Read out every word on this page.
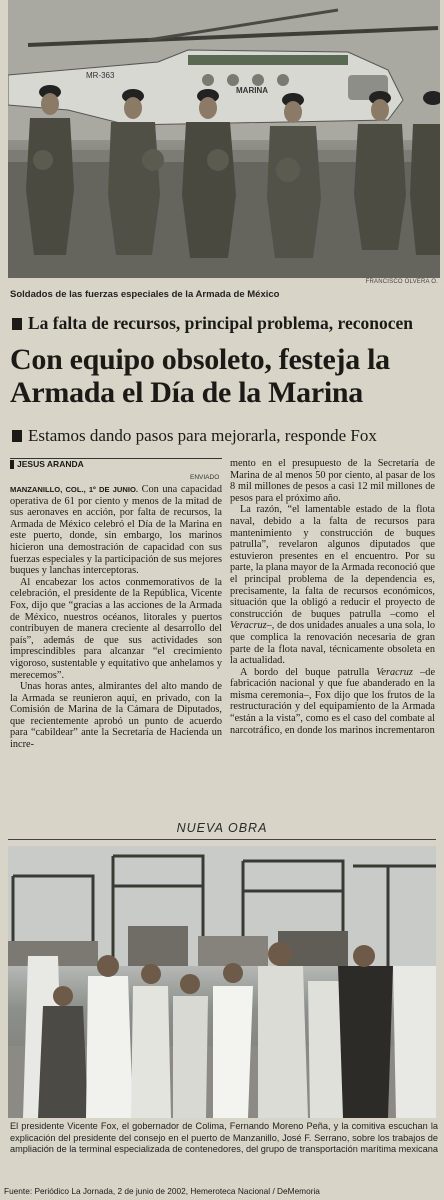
MR-363
MARINA
FRANCISCO OLVERA O.
Soldados de las fuerzas especiales de la Armada de México
La falta de recursos, principal problema, reconocen
Con equipo obsoleto, festeja la Armada el Día de la Marina
Estamos dando pasos para mejorarla, responde Fox
JESUS ARANDA
ENVIADO

MANZANILLO, COL., 1º DE JUNIO. Con una capacidad operativa de 61 por ciento y menos de la mitad de sus aeronaves en acción, por falta de recursos, la Armada de México celebró el Día de la Marina en este puerto, donde, sin embargo, los marinos hicieron una demostración de capacidad con sus fuerzas especiales y la participación de sus mejores buques y lanchas interceptoras.

Al encabezar los actos conmemorativos de la celebración, el presidente de la República, Vicente Fox, dijo que “gracias a las acciones de la Armada de México, nuestros océanos, litorales y puertos contribuyen de manera creciente al desarrollo del país”, además de que sus actividades son imprescindibles para alcanzar “el crecimiento vigoroso, sustentable y equitativo que anhelamos y merecemos”.

Unas horas antes, almirantes del alto mando de la Armada se reunieron aquí, en privado, con la Comisión de Marina de la Cámara de Diputados, que recientemente aprobó un punto de acuerdo para “cabildear” ante la Secretaría de Hacienda un incre-

mento en el presupuesto de la Secretaría de Marina de al menos 50 por ciento, al pasar de los 8 mil millones de pesos a casi 12 mil millones de pesos para el próximo año.

La razón, “el lamentable estado de la flota naval, debido a la falta de recursos para mantenimiento y construcción de buques patrulla”, revelaron algunos diputados que estuvieron presentes en el encuentro. Por su parte, la plana mayor de la Armada reconoció que el principal problema de la dependencia es, precisamente, la falta de recursos económicos, situación que la obligó a reducir el proyecto de construcción de buques patrulla –como el Veracruz–, de dos unidades anuales a una sola, lo que complica la renovación necesaria de gran parte de la flota naval, técnicamente obsoleta en la actualidad.

A bordo del buque patrulla Veracruz –de fabricación nacional y que fue abanderado en la misma ceremonia–, Fox dijo que los frutos de la restructuración y del equipamiento de la Armada “están a la vista”, como es el caso del combate al narcotráfico, en donde los marinos incrementaron

NUEVA OBRA
El presidente Vicente Fox, el gobernador de Colima, Fernando Moreno Peña, y la comitiva escuchan la explicación del presidente del consejo en el puerto de Manzanillo, José F. Serrano, sobre los trabajos de ampliación de la terminal especializada de contenedores, del grupo de transportación marítima mexicana
Fuente: Periódico La Jornada, 2 de junio de 2002, Hemeroteca Nacional / DeMemoria
